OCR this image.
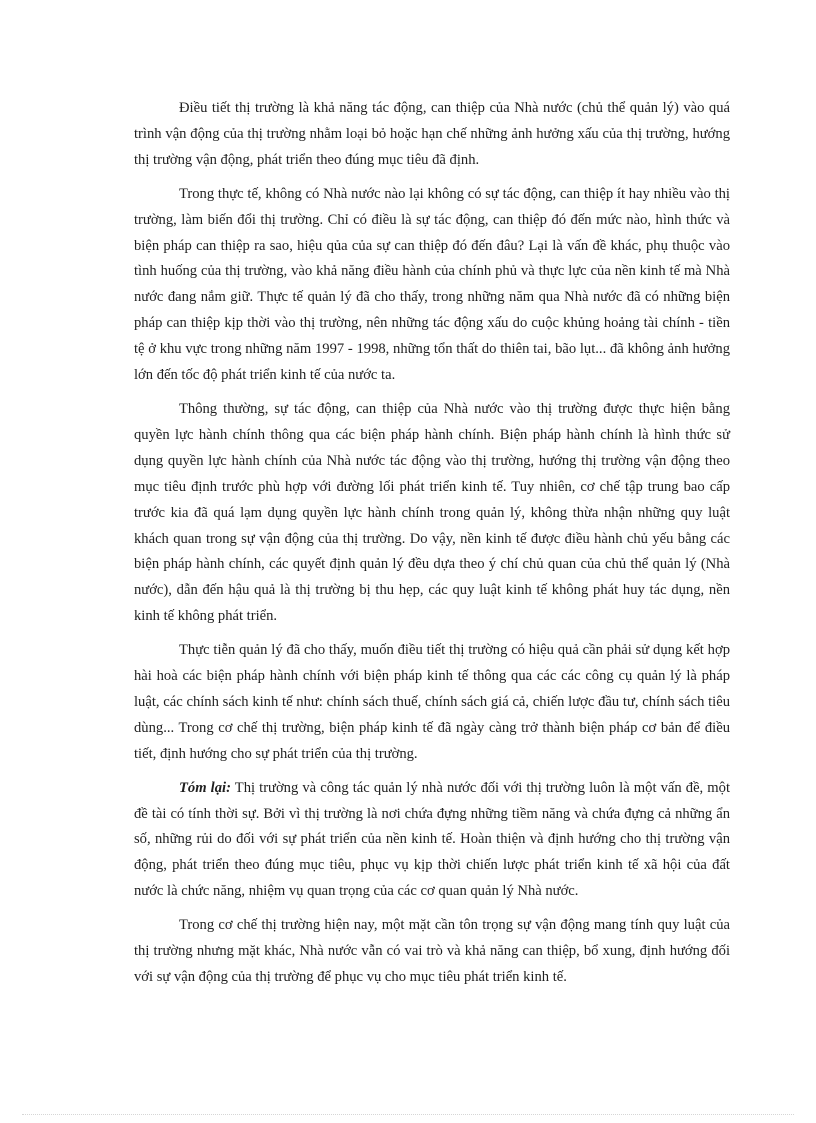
Điều tiết thị trường là khả năng tác động, can thiệp của Nhà nước (chủ thể quản lý) vào quá trình vận động của thị trường nhằm loại bỏ hoặc hạn chế những ảnh hưởng xấu của thị trường, hướng thị trường vận động, phát triển theo đúng mục tiêu đã định.

Trong thực tế, không có Nhà nước nào lại không có sự tác động, can thiệp ít hay nhiều vào thị trường, làm biến đổi thị trường. Chỉ có điều là sự tác động, can thiệp đó đến mức nào, hình thức và biện pháp can thiệp ra sao, hiệu qủa của sự can thiệp đó đến đâu? Lại là vấn đề khác, phụ thuộc vào tình huống của thị trường, vào khả năng điều hành của chính phủ và thực lực của nền kinh tế mà Nhà nước đang nắm giữ. Thực tế quản lý đã cho thấy, trong những năm qua Nhà nước đã có những biện pháp can thiệp kịp thời vào thị trường, nên những tác động xấu do cuộc khủng hoảng tài chính - tiền tệ ở khu vực trong những năm 1997 - 1998, những tổn thất do thiên tai, bão lụt... đã không ảnh hưởng lớn đến tốc độ phát triển kinh tế của nước ta.

Thông thường, sự tác động, can thiệp của Nhà nước vào thị trường được thực hiện bằng quyền lực hành chính thông qua các biện pháp hành chính. Biện pháp hành chính là hình thức sử dụng quyền lực hành chính của Nhà nước tác động vào thị trường, hướng thị trường vận động theo mục tiêu định trước phù hợp với đường lối phát triển kinh tế. Tuy nhiên, cơ chế tập trung bao cấp trước kia đã quá lạm dụng quyền lực hành chính trong quản lý, không thừa nhận những quy luật khách quan trong sự vận động của thị trường. Do vậy, nền kinh tế được điều hành chủ yếu bằng các biện pháp hành chính, các quyết định quản lý đều dựa theo ý chí chủ quan của chủ thể quản lý (Nhà nước), dẫn đến hậu quả là thị trường bị thu hẹp, các quy luật kinh tế không phát huy tác dụng, nền kinh tế không phát triển.

Thực tiễn quản lý đã cho thấy, muốn điều tiết thị trường có hiệu quả cần phải sử dụng kết hợp hài hoà các biện pháp hành chính với biện pháp kinh tế thông qua các các công cụ quản lý là pháp luật, các chính sách kinh tế như: chính sách thuế, chính sách giá cả, chiến lược đầu tư, chính sách tiêu dùng... Trong cơ chế thị trường, biện pháp kinh tế đã ngày càng trở thành biện pháp cơ bản để điều tiết, định hướng cho sự phát triển của thị trường.

Tóm lại: Thị trường và công tác quản lý nhà nước đối với thị trường luôn là một vấn đề, một đề tài có tính thời sự. Bởi vì thị trường là nơi chứa đựng những tiềm năng và chứa đựng cả những ẩn số, những rủi do đối với sự phát triển của nền kinh tế. Hoàn thiện và định hướng cho thị trường vận động, phát triển theo đúng mục tiêu, phục vụ kịp thời chiến lược phát triển kinh tế xã hội của đất nước là chức năng, nhiệm vụ quan trọng của các cơ quan quản lý Nhà nước.

Trong cơ chế thị trường hiện nay, một mặt cần tôn trọng sự vận động mang tính quy luật của thị trường nhưng mặt khác, Nhà nước vẫn có vai trò và khả năng can thiệp, bổ xung, định hướng đối với sự vận động của thị trường để phục vụ cho mục tiêu phát triển kinh tế.
